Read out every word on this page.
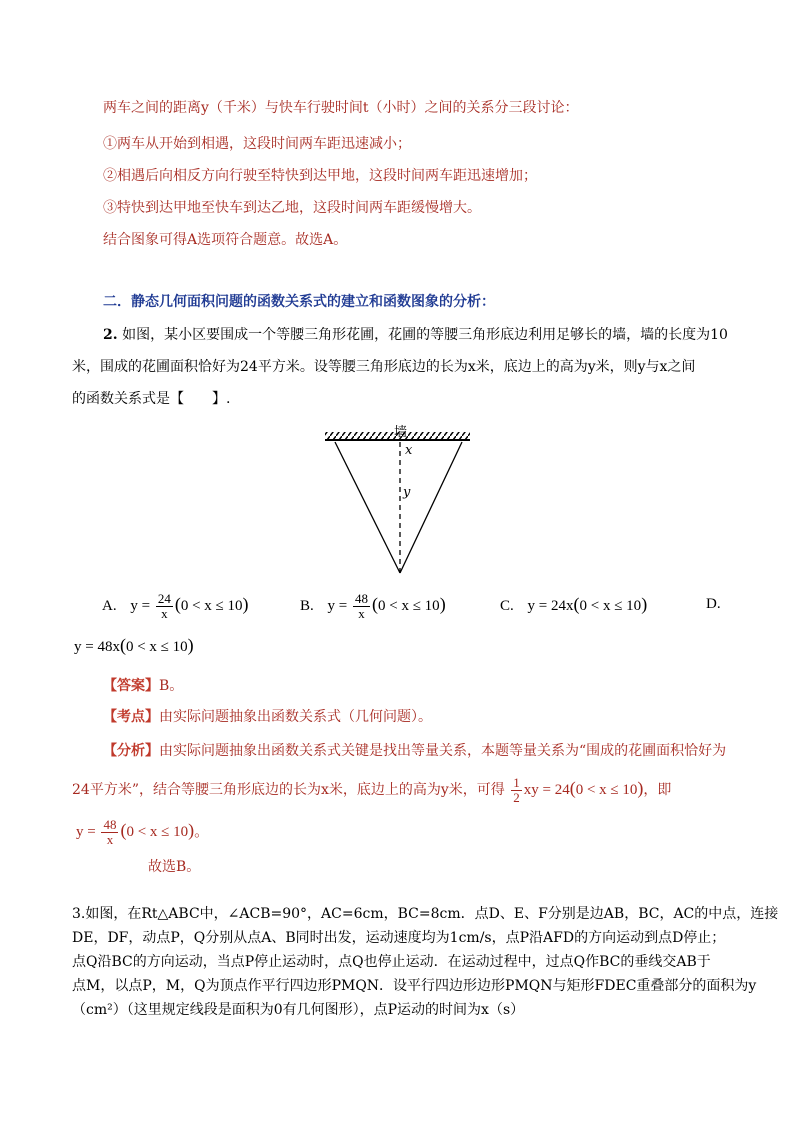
两车之间的距离y（千米）与快车行驶时间t（小时）之间的关系分三段讨论：
①两车从开始到相遇，这段时间两车距迅速减小；
②相遇后向相反方向行驶至特快到达甲地，这段时间两车距迅速增加；
③特快到达甲地至快车到达乙地，这段时间两车距缓慢增大。
结合图象可得A选项符合题意。故选A。
二．静态几何面积问题的函数关系式的建立和函数图象的分析：
2. 如图，某小区要围成一个等腰三角形花圃，花圃的等腰三角形底边利用足够长的墙，墙的长度为10
米，围成的花圃面积恰好为24平方米。设等腰三角形底边的长为x米，底边上的高为y米，则y与x之间
的函数关系式是【　　】.
墙
x
y
A. $y = \frac{24}{x} (0 < x \le 10)$	B. $y = \frac{48}{x} (0 < x \le 10)$	C. y = 24x(0 < x ≤ 10)	D.
y = 48x(0 < x ≤ 10)
【答案】B。
【考点】由实际问题抽象出函数关系式（几何问题）。
【分析】由实际问题抽象出函数关系式关键是找出等量关系，本题等量关系为“围成的花圃面积恰好为
24平方米”，结合等腰三角形底边的长为x米，底边上的高为y米，可得 $\frac{1}{2}$ xy = 24(0 < x ≤ 10)，即
$y = \frac{48}{x} (0 < x \le 10)$。
故选B。
3.如图，在Rt△ABC中，∠ACB=90°，AC=6cm，BC=8cm．点D、E、F分别是边AB，BC，AC的中点，连接
DE，DF，动点P，Q分别从点A、B同时出发，运动速度均为1cm/s，点P沿AFD的方向运动到点D停止；
点Q沿BC的方向运动，当点P停止运动时，点Q也停止运动．在运动过程中，过点Q作BC的垂线交AB于
点M，以点P，M，Q为顶点作平行四边形PMQN．设平行四边形边形PMQN与矩形FDEC重叠部分的面积为y
（cm²）（这里规定线段是面积为0有几何图形），点P运动的时间为x（s）
